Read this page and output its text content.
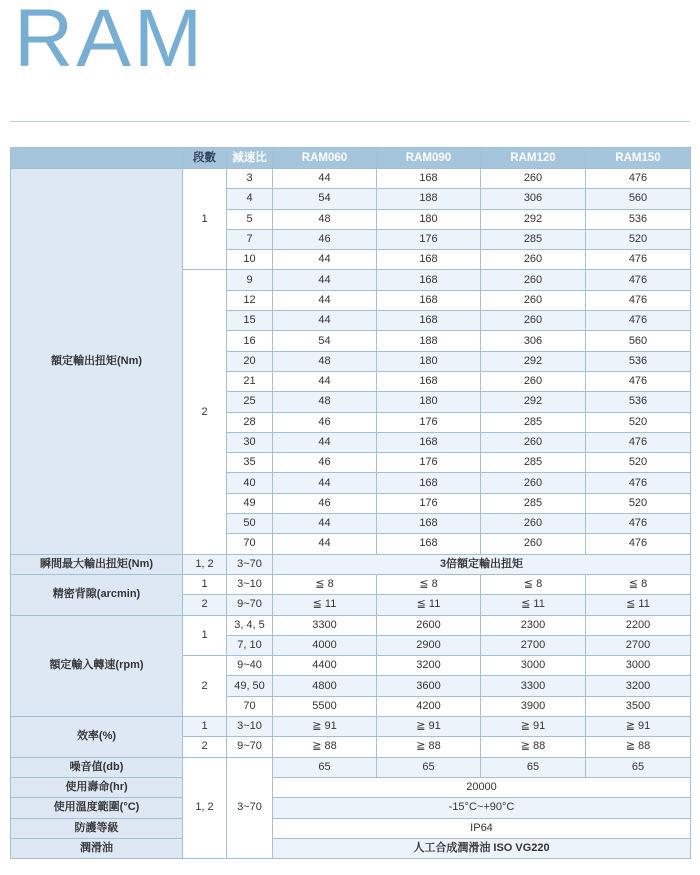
RAM
	段數	減速比	RAM060	RAM090	RAM120	RAM150
額定輸出扭矩(Nm)	1	3	44	168	260	476
		4	54	188	306	560
		5	48	180	292	536
		7	46	176	285	520
		10	44	168	260	476
	2	9	44	168	260	476
		12	44	168	260	476
		15	44	168	260	476
		16	54	188	306	560
		20	48	180	292	536
		21	44	168	260	476
		25	48	180	292	536
		28	46	176	285	520
		30	44	168	260	476
		35	46	176	285	520
		40	44	168	260	476
		49	46	176	285	520
		50	44	168	260	476
		70	44	168	260	476
瞬間最大輸出扭矩(Nm)	1, 2	3~70	3倍額定輸出扭矩			
精密背隙(arcmin)	1	3~10	≦ 8	≦ 8	≦ 8	≦ 8
	2	9~70	≦ 11	≦ 11	≦ 11	≦ 11
額定輸入轉速(rpm)	1	3, 4, 5	3300	2600	2300	2200
		7, 10	4000	2900	2700	2700
	2	9~40	4400	3200	3000	3000
		49, 50	4800	3600	3300	3200
		70	5500	4200	3900	3500
效率(%)	1	3~10	≧ 91	≧ 91	≧ 91	≧ 91
	2	9~70	≧ 88	≧ 88	≧ 88	≧ 88
噪音值(db)	1, 2	3~70	65	65	65	65
使用壽命(hr)			20000			
使用溫度範圍(°C)			-15°C~+90°C			
防護等級			IP64			
潤滑油			人工合成潤滑油 ISO VG220			
